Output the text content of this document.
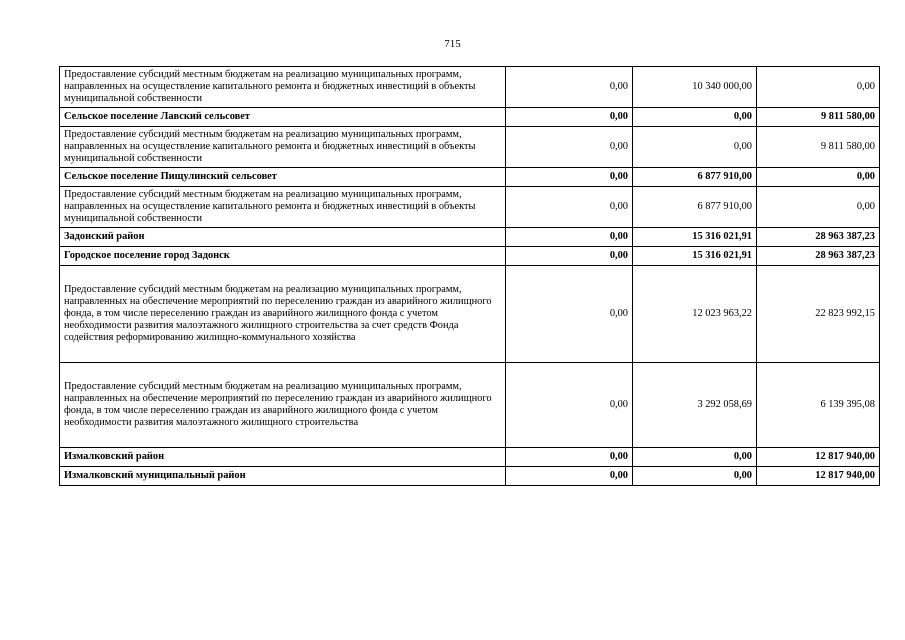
715
Предоставление субсидий местным бюджетам на реализацию муниципальных программ, направленных на осуществление капитального ремонта и бюджетных инвестиций в объекты муниципальной собственности	0,00	10 340 000,00	0,00
Сельское поселение Лавский сельсовет	0,00	0,00	9 811 580,00
Предоставление субсидий местным бюджетам на реализацию муниципальных программ, направленных на осуществление капитального ремонта и бюджетных инвестиций в объекты муниципальной собственности	0,00	0,00	9 811 580,00
Сельское поселение Пищулинский сельсовет	0,00	6 877 910,00	0,00
Предоставление субсидий местным бюджетам на реализацию муниципальных программ, направленных на осуществление капитального ремонта и бюджетных инвестиций в объекты муниципальной собственности	0,00	6 877 910,00	0,00
Задонский район	0,00	15 316 021,91	28 963 387,23
Городское поселение город Задонск	0,00	15 316 021,91	28 963 387,23
Предоставление субсидий местным бюджетам на реализацию муниципальных программ, направленных на обеспечение мероприятий по переселению граждан из аварийного жилищного фонда, в том числе переселению граждан из аварийного жилищного фонда с учетом необходимости развития малоэтажного жилищного строительства за счет средств Фонда содействия реформированию жилищно-коммунального хозяйства	0,00	12 023 963,22	22 823 992,15
Предоставление субсидий местным бюджетам на реализацию муниципальных программ, направленных на обеспечение мероприятий по переселению граждан из аварийного жилищного фонда, в том числе переселению граждан из аварийного жилищного фонда с учетом необходимости развития малоэтажного жилищного строительства	0,00	3 292 058,69	6 139 395,08
Измалковский район	0,00	0,00	12 817 940,00
Измалковский муниципальный район	0,00	0,00	12 817 940,00
